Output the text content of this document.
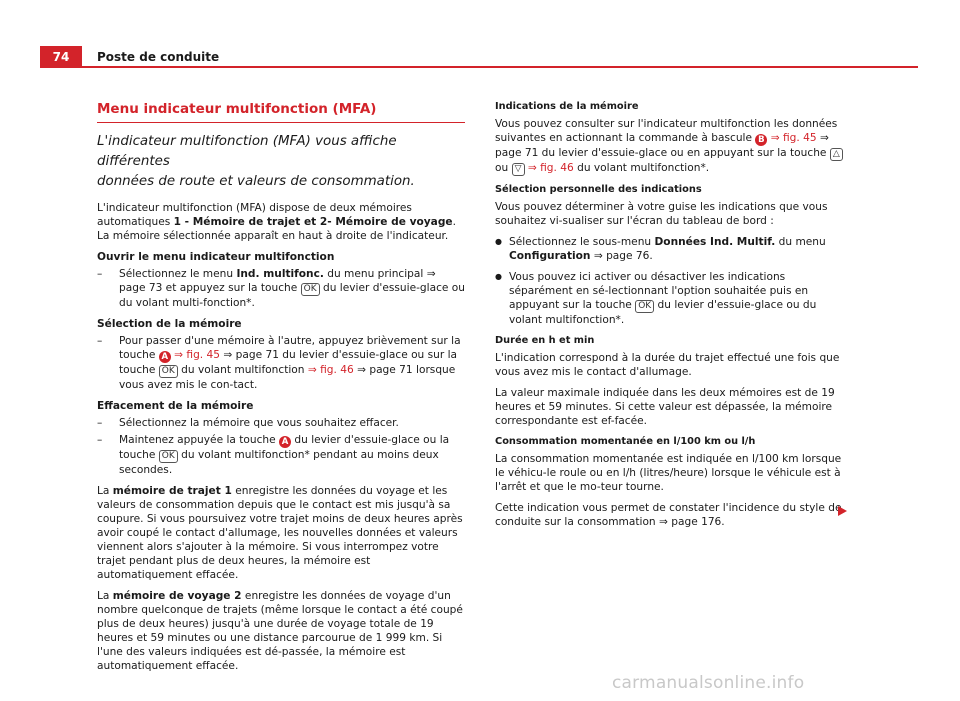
74	Poste de conduite
Menu indicateur multifonction (MFA)
L'indicateur multifonction (MFA) vous affiche différentes
données de route et valeurs de consommation.

L'indicateur multifonction (MFA) dispose de deux mémoires automatiques 1 - Mémoire de trajet et 2- Mémoire de voyage. La mémoire sélectionnée apparaît en haut à droite de l'indicateur.

Ouvrir le menu indicateur multifonction
– Sélectionnez le menu Ind. multifonc. du menu principal ⇒ page 73 et appuyez sur la touche OK du levier d'essuie-glace ou du volant multi-fonction*.
Sélection de la mémoire
– Pour passer d'une mémoire à l'autre, appuyez brièvement sur la touche A ⇒ fig. 45 ⇒ page 71 du levier d'essuie-glace ou sur la touche OK du volant multifonction ⇒ fig. 46 ⇒ page 71 lorsque vous avez mis le con-tact.
Effacement de la mémoire
– Sélectionnez la mémoire que vous souhaitez effacer.
– Maintenez appuyée la touche A du levier d'essuie-glace ou la touche OK du volant multifonction* pendant au moins deux secondes.

La mémoire de trajet 1 enregistre les données du voyage et les valeurs de consommation depuis que le contact est mis jusqu'à sa coupure. Si vous poursuivez votre trajet moins de deux heures après avoir coupé le contact d'allumage, les nouvelles données et valeurs viennent alors s'ajouter à la mémoire. Si vous interrompez votre trajet pendant plus de deux heures, la mémoire est automatiquement effacée.

La mémoire de voyage 2 enregistre les données de voyage d'un nombre quelconque de trajets (même lorsque le contact a été coupé plus de deux heures) jusqu'à une durée de voyage totale de 19 heures et 59 minutes ou une distance parcourue de 1 999 km. Si l'une des valeurs indiquées est dé-passée, la mémoire est automatiquement effacée.

Indications de la mémoire

Vous pouvez consulter sur l'indicateur multifonction les données suivantes en actionnant la commande à bascule B ⇒ fig. 45 ⇒ page 71 du levier d'essuie-glace ou en appuyant sur la touche △ ou ▽ ⇒ fig. 46 du volant multifonction*.

Sélection personnelle des indications

Vous pouvez déterminer à votre guise les indications que vous souhaitez vi-sualiser sur l'écran du tableau de bord :

● Sélectionnez le sous-menu Données Ind. Multif. du menu Configuration ⇒ page 76.
● Vous pouvez ici activer ou désactiver les indications séparément en sé-lectionnant l'option souhaitée puis en appuyant sur la touche OK du levier d'essuie-glace ou du volant multifonction*.
Durée en h et min

L'indication correspond à la durée du trajet effectué une fois que vous avez mis le contact d'allumage.

La valeur maximale indiquée dans les deux mémoires est de 19 heures et 59 minutes. Si cette valeur est dépassée, la mémoire correspondante est ef-facée.

Consommation momentanée en l/100 km ou l/h

La consommation momentanée est indiquée en l/100 km lorsque le véhicu-le roule ou en l/h (litres/heure) lorsque le véhicule est à l'arrêt et que le mo-teur tourne.

Cette indication vous permet de constater l'incidence du style de conduite sur la consommation ⇒ page 176.

carmanualsonline.info
